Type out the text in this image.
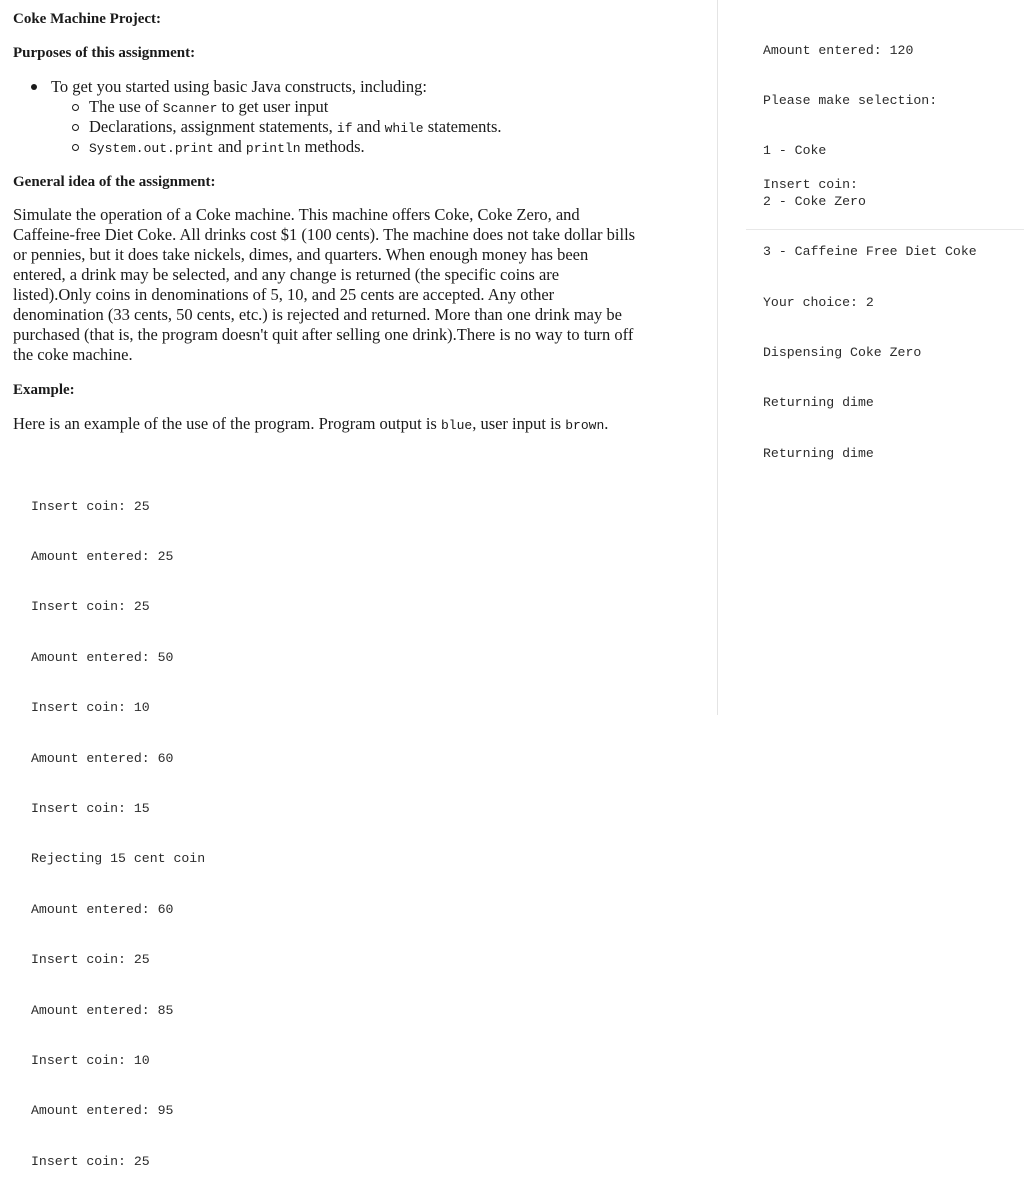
Coke Machine Project:
Purposes of this assignment:
To get you started using basic Java constructs, including:
The use of Scanner to get user input
Declarations, assignment statements, if and while statements.
System.out.print and println methods.
General idea of the assignment:
Simulate the operation of a Coke machine. This machine offers Coke, Coke Zero, and
Caffeine-free Diet Coke. All drinks cost $1 (100 cents). The machine does not take dollar bills
or pennies, but it does take nickels, dimes, and quarters. When enough money has been
entered, a drink may be selected, and any change is returned (the specific coins are
listed).Only coins in denominations of 5, 10, and 25 cents are accepted. Any other
denomination (33 cents, 50 cents, etc.) is rejected and returned. More than one drink may be
purchased (that is, the program doesn't quit after selling one drink).There is no way to turn off
the coke machine.
Example:
Here is an example of the use of the program. Program output is blue, user input is brown.

Insert coin: 25

Amount entered: 25

Insert coin: 25

Amount entered: 50

Insert coin: 10

Amount entered: 60

Insert coin: 15

Rejecting 15 cent coin

Amount entered: 60

Insert coin: 25

Amount entered: 85

Insert coin: 10

Amount entered: 95

Insert coin: 25

Amount entered: 120

Please make selection:

1 - Coke

2 - Coke Zero

3 - Caffeine Free Diet Coke

Your choice: 2

Dispensing Coke Zero

Returning dime

Returning dime

Insert coin:
